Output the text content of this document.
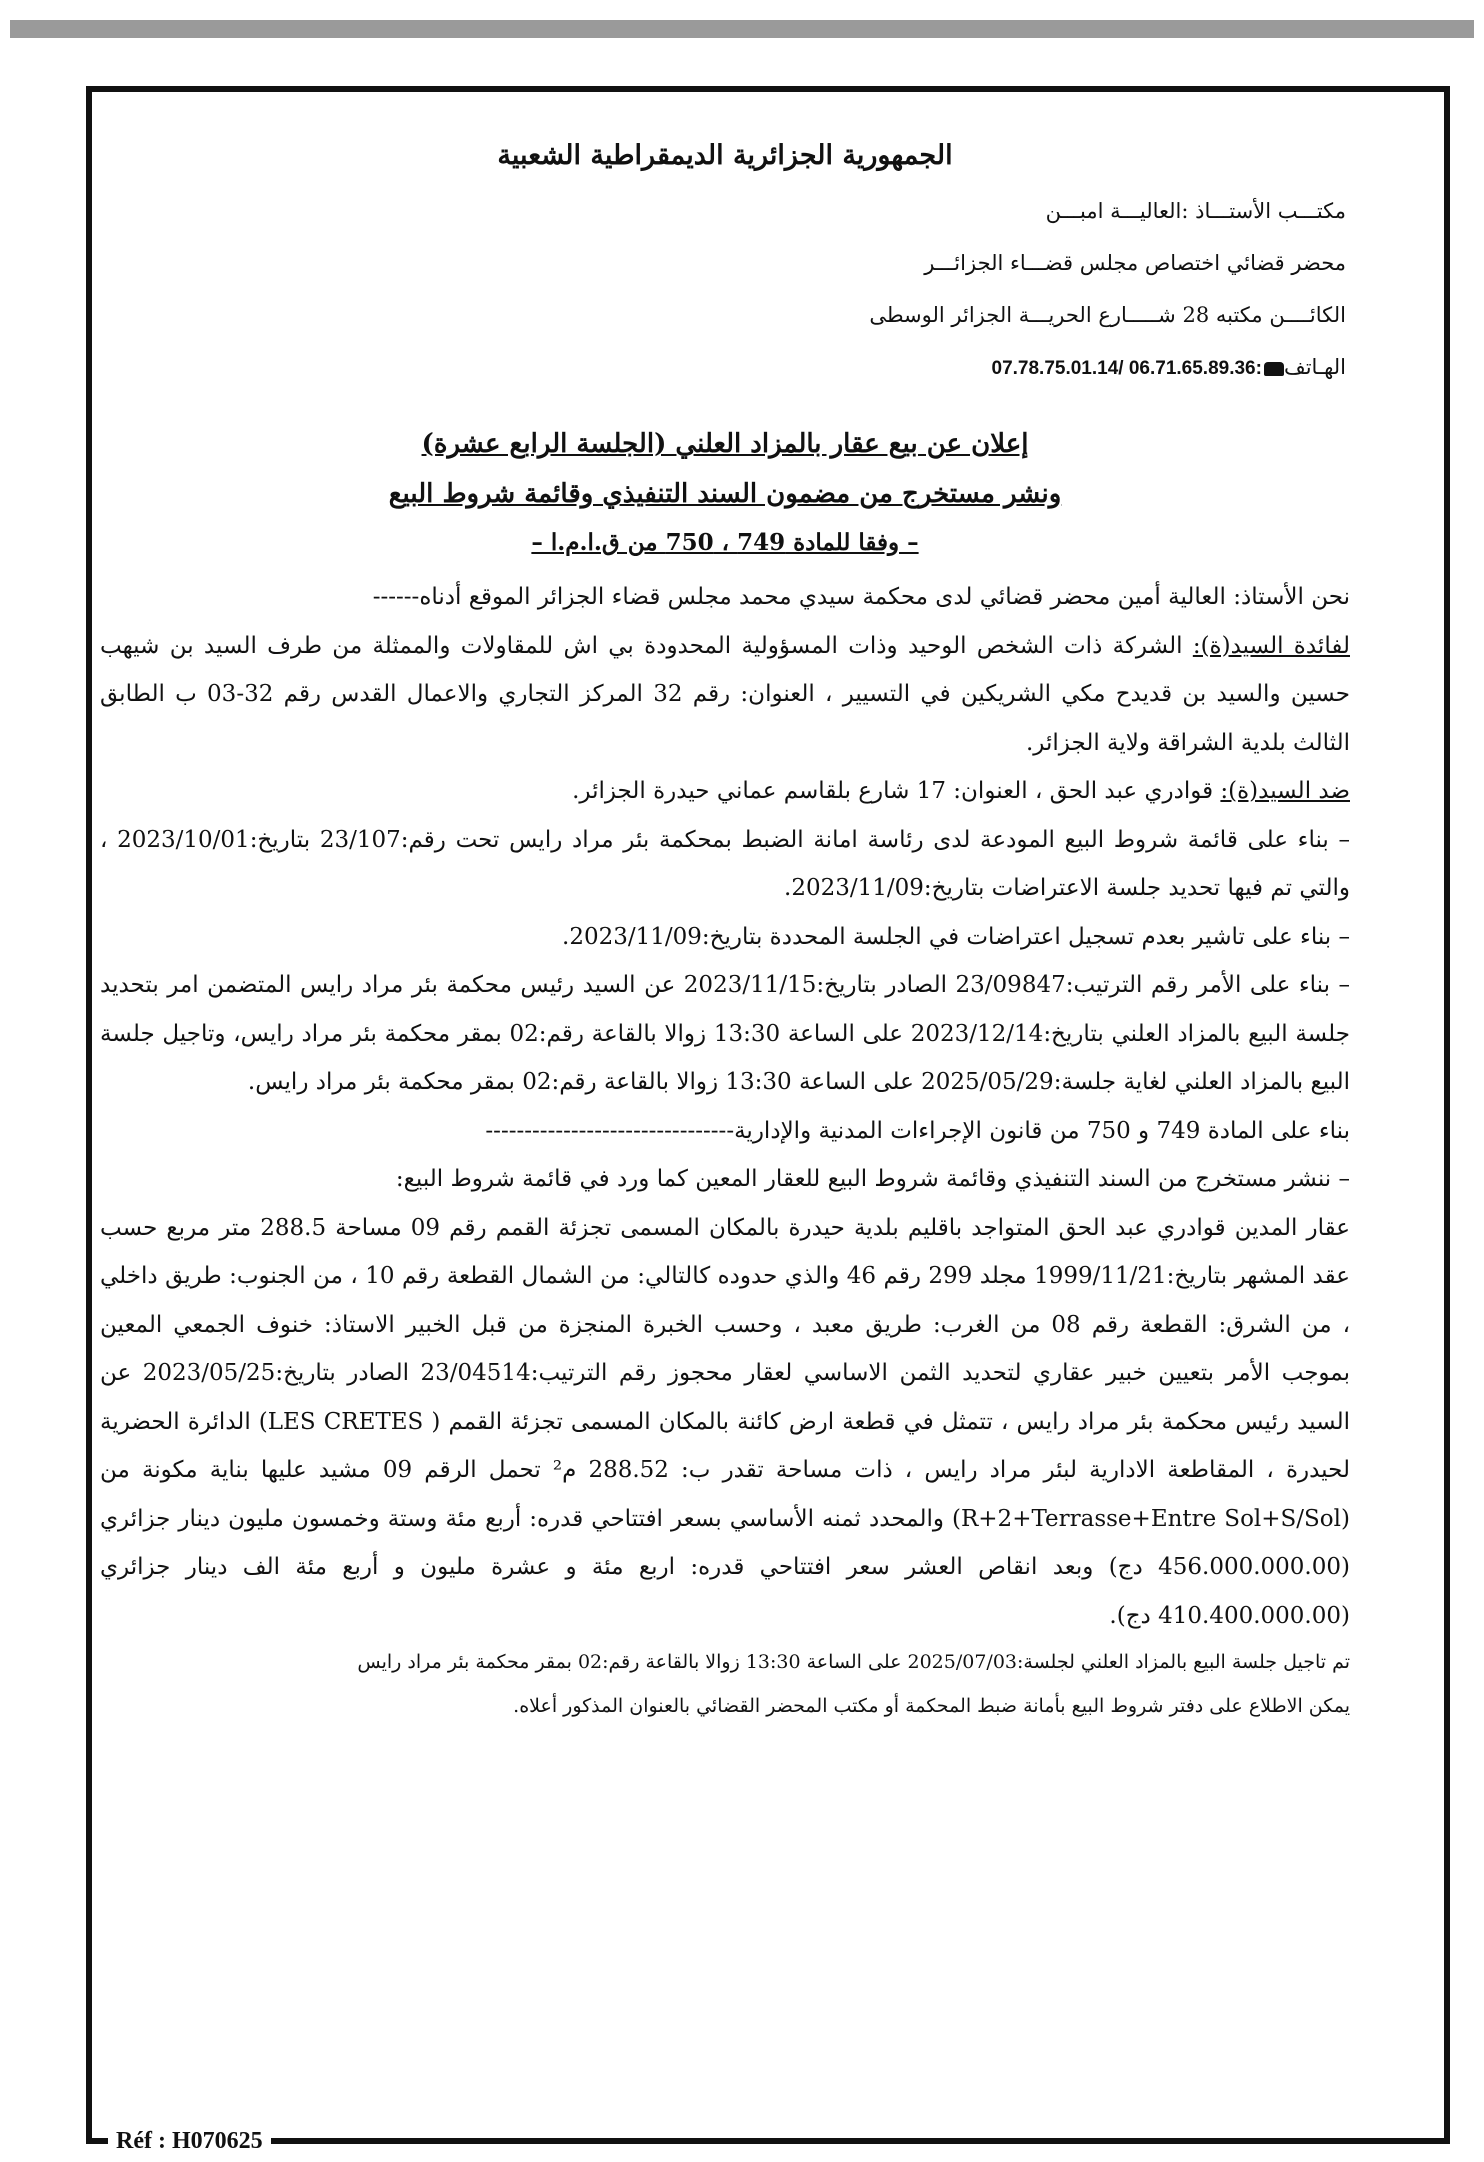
الجمهورية الجزائرية الديمقراطية الشعبية
مكتـــب الأستـــاذ :العاليـــة امبـــن
محضر قضائي اختصاص مجلس قضـــاء الجزائـــر
الكائــــن مكتبه 28 شـــــارع الحريـــة الجزائر الوسطى
الهـاتف07.78.75.01.14/ 06.71.65.89.36:
إعلان عن بيع عقار بالمزاد العلني (الجلسة الرابع عشرة)
ونشر مستخرج من مضمون السند التنفيذي وقائمة شروط البيع
– وفقا للمادة 749 ، 750 من ق.ا.م.ا –

نحن الأستاذ: العالية أمين محضر قضائي لدى محكمة سيدي محمد مجلس قضاء الجزائر الموقع أدناه------

لفائدة السيد(ة): الشركة ذات الشخص الوحيد وذات المسؤولية المحدودة بي اش للمقاولات والممثلة من طرف السيد بن شيهب حسين والسيد بن قديدح مكي الشريكين في التسيير ، العنوان: رقم 32 المركز التجاري والاعمال القدس رقم 32-03 ب الطابق الثالث بلدية الشراقة ولاية الجزائر.

ضد السيد(ة): قوادري عبد الحق ، العنوان: 17 شارع بلقاسم عماني حيدرة الجزائر.

– بناء على قائمة شروط البيع المودعة لدى رئاسة امانة الضبط بمحكمة بئر مراد رايس تحت رقم:23/107 بتاريخ:2023/10/01 ، والتي تم فيها تحديد جلسة الاعتراضات بتاريخ:2023/11/09.

– بناء على تاشير بعدم تسجيل اعتراضات في الجلسة المحددة بتاريخ:2023/11/09.

– بناء على الأمر رقم الترتيب:23/09847 الصادر بتاريخ:2023/11/15 عن السيد رئيس محكمة بئر مراد رايس المتضمن امر بتحديد جلسة البيع بالمزاد العلني بتاريخ:2023/12/14 على الساعة 13:30 زوالا بالقاعة رقم:02 بمقر محكمة بئر مراد رايس، وتاجيل جلسة البيع بالمزاد العلني لغاية جلسة:2025/05/29 على الساعة 13:30 زوالا بالقاعة رقم:02 بمقر محكمة بئر مراد رايس.

بناء على المادة 749 و 750 من قانون الإجراءات المدنية والإدارية--------------------------------

– ننشر مستخرج من السند التنفيذي وقائمة شروط البيع للعقار المعين كما ورد في قائمة شروط البيع:

عقار المدين قوادري عبد الحق المتواجد باقليم بلدية حيدرة بالمكان المسمى تجزئة القمم رقم 09 مساحة 288.5 متر مربع حسب عقد المشهر بتاريخ:1999/11/21 مجلد 299 رقم 46 والذي حدوده كالتالي: من الشمال القطعة رقم 10 ، من الجنوب: طريق داخلي ، من الشرق: القطعة رقم 08 من الغرب: طريق معبد ، وحسب الخبرة المنجزة من قبل الخبير الاستاذ: خنوف الجمعي المعين بموجب الأمر بتعيين خبير عقاري لتحديد الثمن الاساسي لعقار محجوز رقم الترتيب:23/04514 الصادر بتاريخ:2023/05/25 عن السيد رئيس محكمة بئر مراد رايس ، تتمثل في قطعة ارض كائنة بالمكان المسمى تجزئة القمم ( LES CRETES) الدائرة الحضرية لحيدرة ، المقاطعة الادارية لبئر مراد رايس ، ذات مساحة تقدر ب: 288.52 م² تحمل الرقم 09 مشيد عليها بناية مكونة من (R+2+Terrasse+Entre Sol+S/Sol) والمحدد ثمنه الأساسي بسعر افتتاحي قدره: أربع مئة وستة وخمسون مليون دينار جزائري (456.000.000.00 دج) وبعد انقاص العشر سعر افتتاحي قدره: اربع مئة و عشرة مليون و أربع مئة الف دينار جزائري (410.400.000.00 دج).

تم تاجيل جلسة البيع بالمزاد العلني لجلسة:2025/07/03 على الساعة 13:30 زوالا بالقاعة رقم:02 بمقر محكمة بئر مراد رايس

يمكن الاطلاع على دفتر شروط البيع بأمانة ضبط المحكمة أو مكتب المحضر القضائي بالعنوان المذكور أعلاه.

Réf : H070625
